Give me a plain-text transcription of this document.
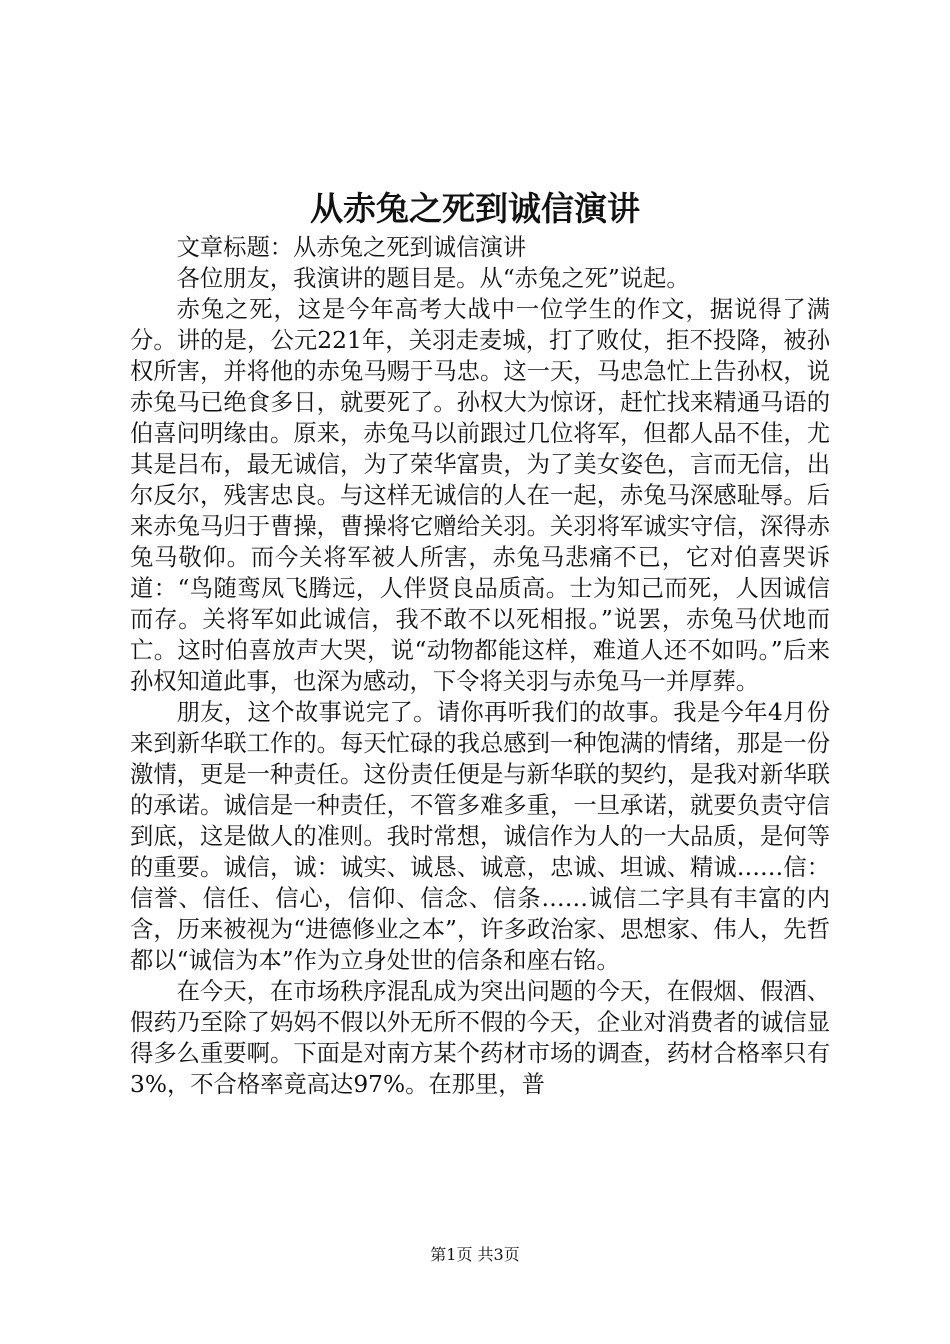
从赤兔之死到诚信演讲

文章标题：从赤兔之死到诚信演讲

各位朋友，我演讲的题目是。从“赤兔之死”说起。

赤兔之死，这是今年高考大战中一位学生的作文，据说得了满分。讲的是，公元221年，关羽走麦城，打了败仗，拒不投降，被孙权所害，并将他的赤兔马赐于马忠。这一天，马忠急忙上告孙权，说赤兔马已绝食多日，就要死了。孙权大为惊讶，赶忙找来精通马语的伯喜问明缘由。原来，赤兔马以前跟过几位将军，但都人品不佳，尤其是吕布，最无诚信，为了荣华富贵，为了美女姿色，言而无信，出尔反尔，残害忠良。与这样无诚信的人在一起，赤兔马深感耻辱。后来赤兔马归于曹操，曹操将它赠给关羽。关羽将军诚实守信，深得赤兔马敬仰。而今关将军被人所害，赤兔马悲痛不已，它对伯喜哭诉道：“鸟随鸾凤飞腾远，人伴贤良品质高。士为知己而死，人因诚信而存。关将军如此诚信，我不敢不以死相报。”说罢，赤兔马伏地而亡。这时伯喜放声大哭，说“动物都能这样，难道人还不如吗。”后来孙权知道此事，也深为感动，下令将关羽与赤兔马一并厚葬。

朋友，这个故事说完了。请你再听我们的故事。我是今年4月份来到新华联工作的。每天忙碌的我总感到一种饱满的情绪，那是一份激情，更是一种责任。这份责任便是与新华联的契约，是我对新华联的承诺。诚信是一种责任，不管多难多重，一旦承诺，就要负责守信到底，这是做人的准则。我时常想，诚信作为人的一大品质，是何等的重要。诚信，诚：诚实、诚恳、诚意，忠诚、坦诚、精诚……信：信誉、信任、信心，信仰、信念、信条……诚信二字具有丰富的内含，历来被视为“进德修业之本”，许多政治家、思想家、伟人，先哲都以“诚信为本”作为立身处世的信条和座右铭。

在今天，在市场秩序混乱成为突出问题的今天，在假烟、假酒、假药乃至除了妈妈不假以外无所不假的今天，企业对消费者的诚信显得多么重要啊。下面是对南方某个药材市场的调查，药材合格率只有3%，不合格率竟高达97%。在那里，普

第1页 共3页
